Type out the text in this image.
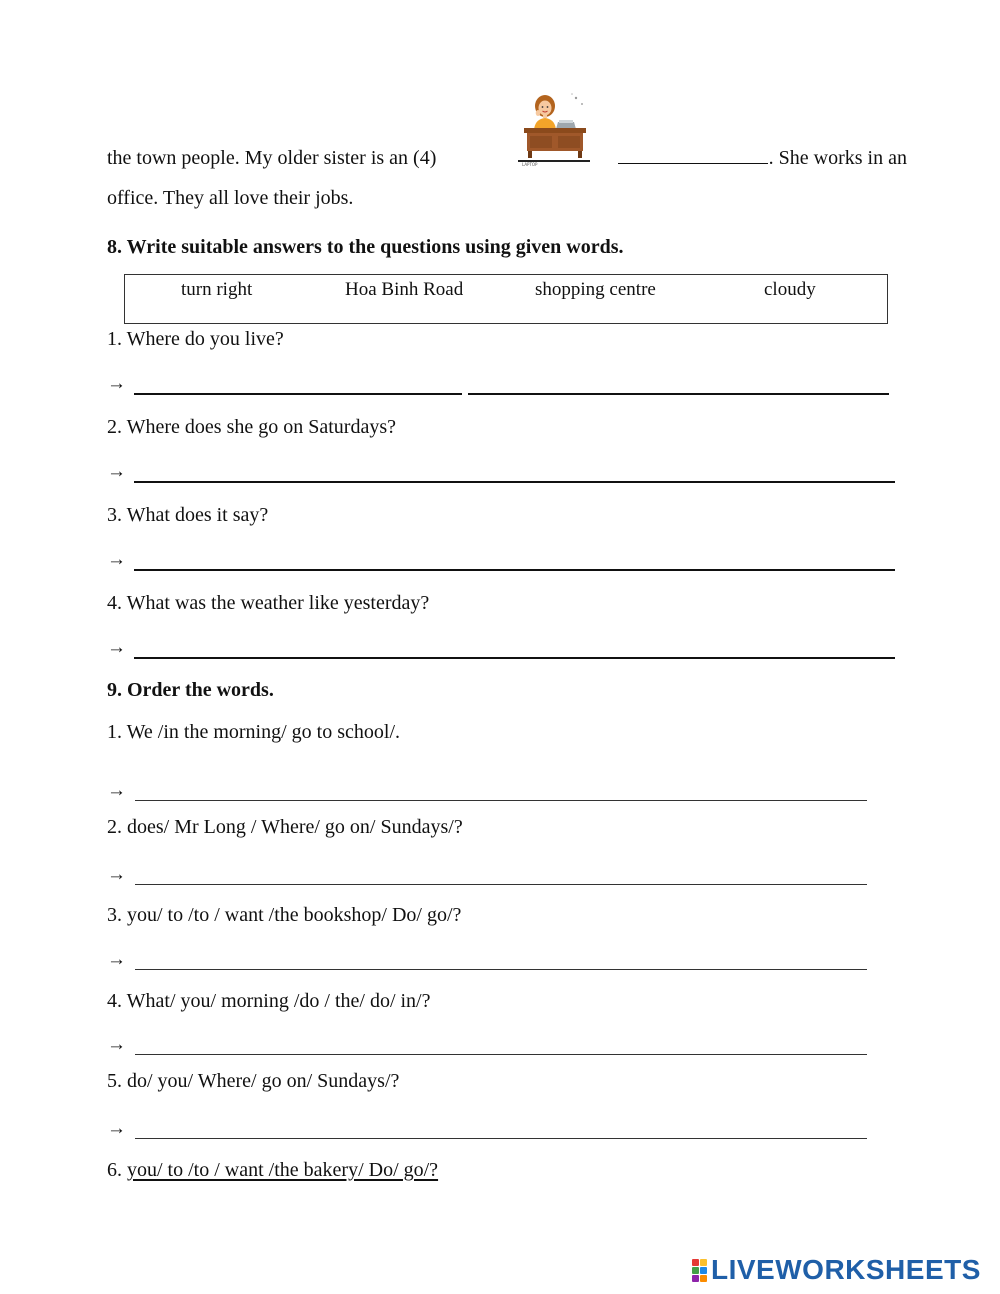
LAPTOP
the town people. My older sister is an (4)	. She works in an
office. They all love their jobs.
8. Write suitable answers to the questions using given words.
turn right	Hoa Binh Road	shopping centre	cloudy
1. Where do you live?
→
2. Where does she go on Saturdays?
→
3. What does it say?
→
4. What was the weather like yesterday?
→
9. Order the words.
1. We /in the morning/ go to school/.
→
2. does/ Mr Long / Where/ go on/ Sundays/?
→
3. you/ to /to / want /the bookshop/ Do/ go/?
→
4. What/ you/ morning /do / the/ do/ in/?
→
5. do/ you/ Where/ go on/ Sundays/?
→
6. you/ to /to / want /the bakery/ Do/ go/?
LIVEWORKSHEETS
